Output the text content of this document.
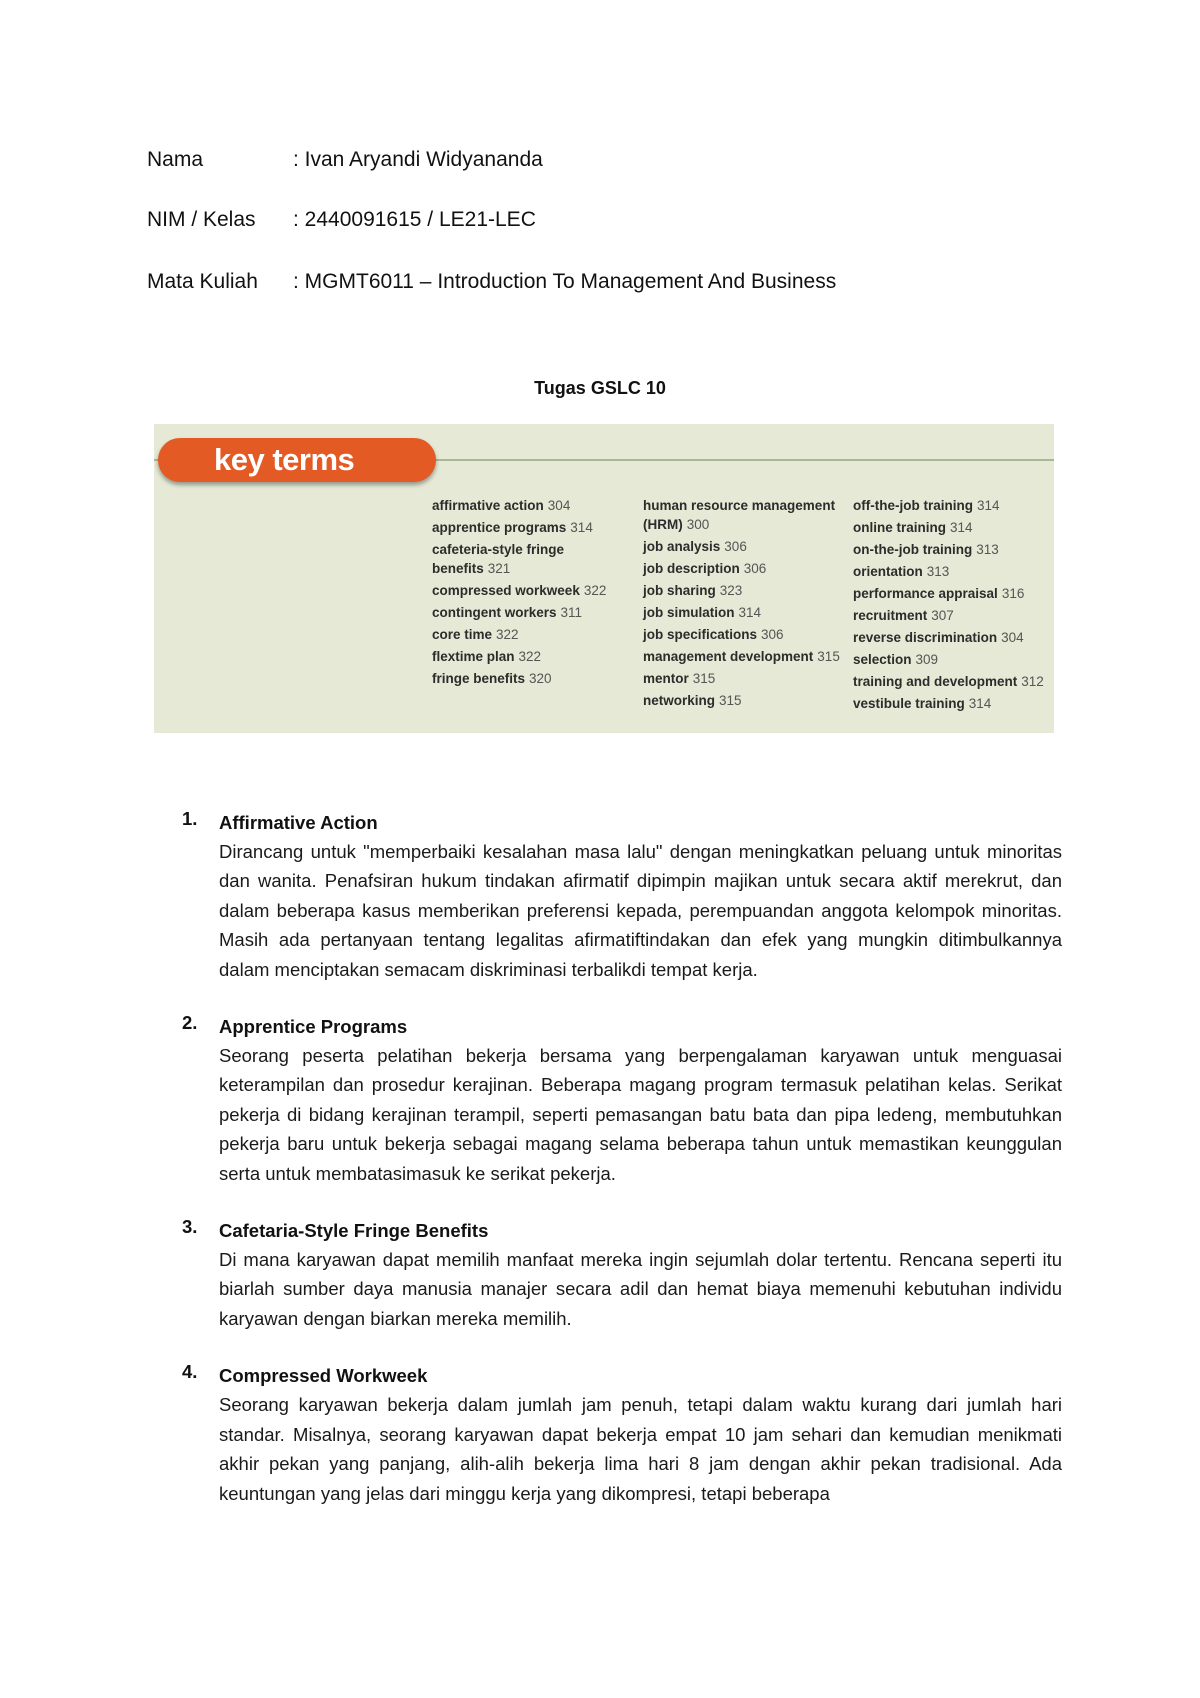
Nama	: Ivan Aryandi Widyananda
NIM / Kelas : 2440091615 / LE21-LEC
Mata Kuliah : MGMT6011 – Introduction To Management And Business
Tugas GSLC 10
key terms
affirmative action 304
apprentice programs 314
cafeteria-style fringe benefits 321
compressed workweek 322
contingent workers 311
core time 322
flextime plan 322
fringe benefits 320
human resource management (HRM) 300
job analysis 306
job description 306
job sharing 323
job simulation 314
job specifications 306
management development 315
mentor 315
networking 315
off-the-job training 314
online training 314
on-the-job training 313
orientation 313
performance appraisal 316
recruitment 307
reverse discrimination 304
selection 309
training and development 312
vestibule training 314
1. Affirmative Action
Dirancang untuk "memperbaiki kesalahan masa lalu" dengan meningkatkan peluang untuk minoritas dan wanita. Penafsiran hukum tindakan afirmatif dipimpin majikan untuk secara aktif merekrut, dan dalam beberapa kasus memberikan preferensi kepada, perempuandan anggota kelompok minoritas. Masih ada pertanyaan tentang legalitas afirmatiftindakan dan efek yang mungkin ditimbulkannya dalam menciptakan semacam diskriminasi terbalikdi tempat kerja.
2. Apprentice Programs
Seorang peserta pelatihan bekerja bersama yang berpengalaman karyawan untuk menguasai keterampilan dan prosedur kerajinan. Beberapa magang program termasuk pelatihan kelas. Serikat pekerja di bidang kerajinan terampil, seperti pemasangan batu bata dan pipa ledeng, membutuhkan pekerja baru untuk bekerja sebagai magang selama beberapa tahun untuk memastikan keunggulan serta untuk membatasimasuk ke serikat pekerja.
3. Cafetaria-Style Fringe Benefits
Di mana karyawan dapat memilih manfaat mereka ingin sejumlah dolar tertentu. Rencana seperti itu biarlah sumber daya manusia manajer secara adil dan hemat biaya memenuhi kebutuhan individu karyawan dengan biarkan mereka memilih.
4. Compressed Workweek
Seorang karyawan bekerja dalam jumlah jam penuh, tetapi dalam waktu kurang dari jumlah hari standar. Misalnya, seorang karyawan dapat bekerja empat 10 jam sehari dan kemudian menikmati akhir pekan yang panjang, alih-alih bekerja lima hari 8 jam dengan akhir pekan tradisional. Ada keuntungan yang jelas dari minggu kerja yang dikompresi, tetapi beberapa
